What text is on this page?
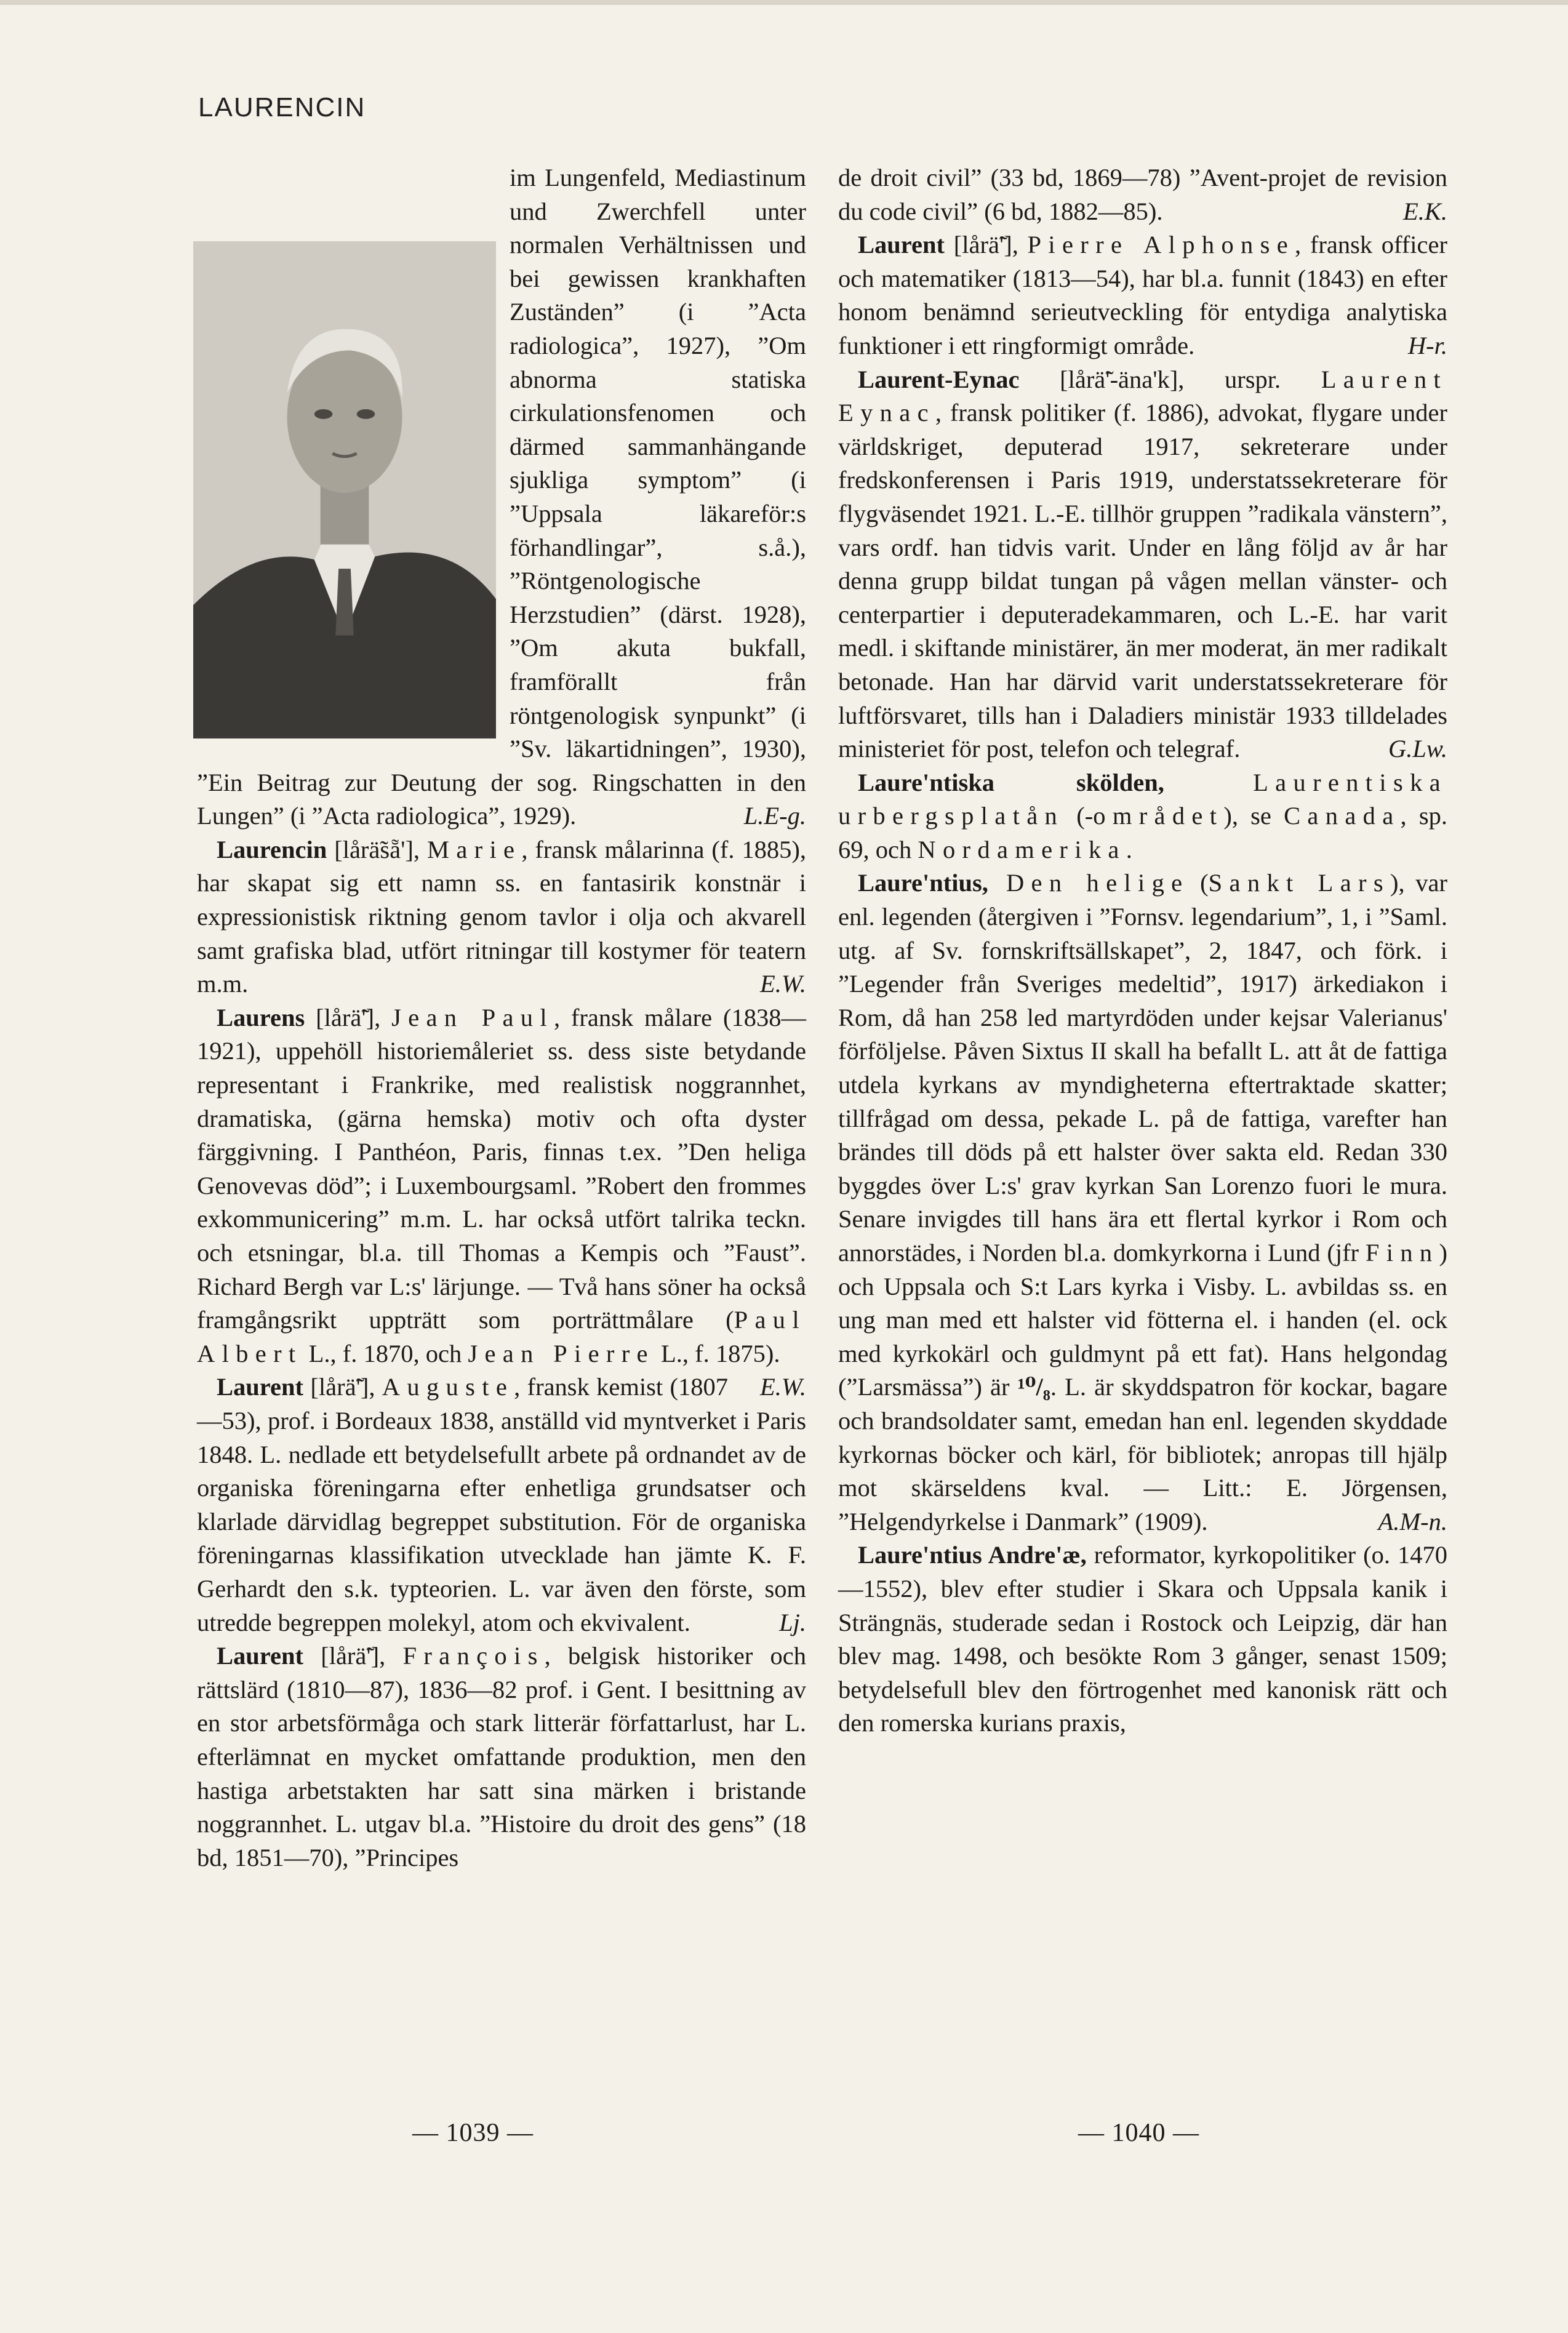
LAURENCIN

im Lungenfeld, Mediastinum und Zwerchfell unter normalen Verhältnissen und bei gewissen krankhaften Zuständen” (i ”Acta radiologica”, 1927), ”Om abnorma statiska cirkulationsfenomen och därmed sammanhängande sjukliga symptom” (i ”Uppsala läkareför:s förhandlingar”, s.å.), ”Röntgenologische Herzstudien” (därst. 1928), ”Om akuta bukfall, framförallt från röntgenologisk synpunkt” (i ”Sv. läkartidningen”, 1930), ”Ein Beitrag zur Deutung der sog. Ringschatten in den Lungen” (i ”Acta radiologica”, 1929).	L.E-g.

Laurencin [lårä̃sẵ'], Marie, fransk målarinna (f. 1885), har skapat sig ett namn ss. en fantasirik konstnär i expressionistisk riktning genom tavlor i olja och akvarell samt grafiska blad, utfört ritningar till kostymer för teatern m.m.	E.W.

Laurens [lårä̃'], Jean Paul, fransk målare (1838—1921), uppehöll historiemåleriet ss. dess siste betydande representant i Frankrike, med realistisk noggrannhet, dramatiska, (gärna hemska) motiv och ofta dyster färggivning. I Panthéon, Paris, finnas t.ex. ”Den heliga Genovevas död”; i Luxembourgsaml. ”Robert den frommes exkommunicering” m.m. L. har också utfört talrika teckn. och etsningar, bl.a. till Thomas a Kempis och ”Faust”. Richard Bergh var L:s' lärjunge. — Två hans söner ha också framgångsrikt uppträtt som porträttmålare (Paul Albert L., f. 1870, och Jean Pierre L., f. 1875).
E.W.

Laurent [lårä̃'], Auguste, fransk kemist (1807—53), prof. i Bordeaux 1838, anställd vid myntverket i Paris 1848. L. nedlade ett betydelsefullt arbete på ordnandet av de organiska föreningarna efter enhetliga grundsatser och klarlade därvidlag begreppet substitution. För de organiska föreningarnas klassifikation utvecklade han jämte K. F. Gerhardt den s.k. typteorien. L. var även den förste, som utredde begreppen molekyl, atom och ekvivalent.	Lj.

Laurent [lårä̃'], François, belgisk historiker och rättslärd (1810—87), 1836—82 prof. i Gent. I besittning av en stor arbetsförmåga och stark litterär författarlust, har L. efterlämnat en mycket omfattande produktion, men den hastiga arbetstakten har satt sina märken i bristande noggrannhet. L. utgav bl.a. ”Histoire du droit des gens” (18 bd, 1851—70), ”Principes

de droit civil” (33 bd, 1869—78) ”Avent-projet de revision du code civil” (6 bd, 1882—85).	E.K.

Laurent [lårä̃'], Pierre Alphonse, fransk officer och matematiker (1813—54), har bl.a. funnit (1843) en efter honom benämnd serieutveckling för entydiga analytiska funktioner i ett ringformigt område.	H-r.

Laurent-Eynac [lårä̃'-äna'k], urspr. Laurent Eynac, fransk politiker (f. 1886), advokat, flygare under världskriget, deputerad 1917, sekreterare under fredskonferensen i Paris 1919, understatssekreterare för flygväsendet 1921. L.-E. tillhör gruppen ”radikala vänstern”, vars ordf. han tidvis varit. Under en lång följd av år har denna grupp bildat tungan på vågen mellan vänster- och centerpartier i deputeradekammaren, och L.-E. har varit medl. i skiftande ministärer, än mer moderat, än mer radikalt betonade. Han har därvid varit understatssekreterare för luftförsvaret, tills han i Daladiers ministär 1933 tilldelades ministeriet för post, telefon och telegraf.	G.Lw.

Laure'ntiska skölden, Laurentiska urbergsplatån (-området), se Canada, sp. 69, och Nordamerika.

Laure'ntius, Den helige (Sankt Lars), var enl. legenden (återgiven i ”Fornsv. legendarium”, 1, i ”Saml. utg. af Sv. fornskriftsällskapet”, 2, 1847, och förk. i ”Legender från Sveriges medeltid”, 1917) ärkediakon i Rom, då han 258 led martyrdöden under kejsar Valerianus' förföljelse. Påven Sixtus II skall ha befallt L. att åt de fattiga utdela kyrkans av myndigheterna eftertraktade skatter; tillfrågad om dessa, pekade L. på de fattiga, varefter han brändes till döds på ett halster över sakta eld. Redan 330 byggdes över L:s' grav kyrkan San Lorenzo fuori le mura. Senare invigdes till hans ära ett flertal kyrkor i Rom och annorstädes, i Norden bl.a. domkyrkorna i Lund (jfr Finn) och Uppsala och S:t Lars kyrka i Visby. L. avbildas ss. en ung man med ett halster vid fötterna el. i handen (el. ock med kyrkokärl och guldmynt på ett fat). Hans helgondag (”Larsmässa”) är ¹⁰/₈. L. är skyddspatron för kockar, bagare och brandsoldater samt, emedan han enl. legenden skyddade kyrkornas böcker och kärl, för bibliotek; anropas till hjälp mot skärseldens kval. — Litt.: E. Jörgensen, ”Helgendyrkelse i Danmark” (1909).	A.M-n.

Laure'ntius Andre'æ, reformator, kyrkopolitiker (o. 1470—1552), blev efter studier i Skara och Uppsala kanik i Strängnäs, studerade sedan i Rostock och Leipzig, där han blev mag. 1498, och besökte Rom 3 gånger, senast 1509; betydelsefull blev den förtrogenhet med kanonisk rätt och den romerska kurians praxis,

— 1039 —	— 1040 —
